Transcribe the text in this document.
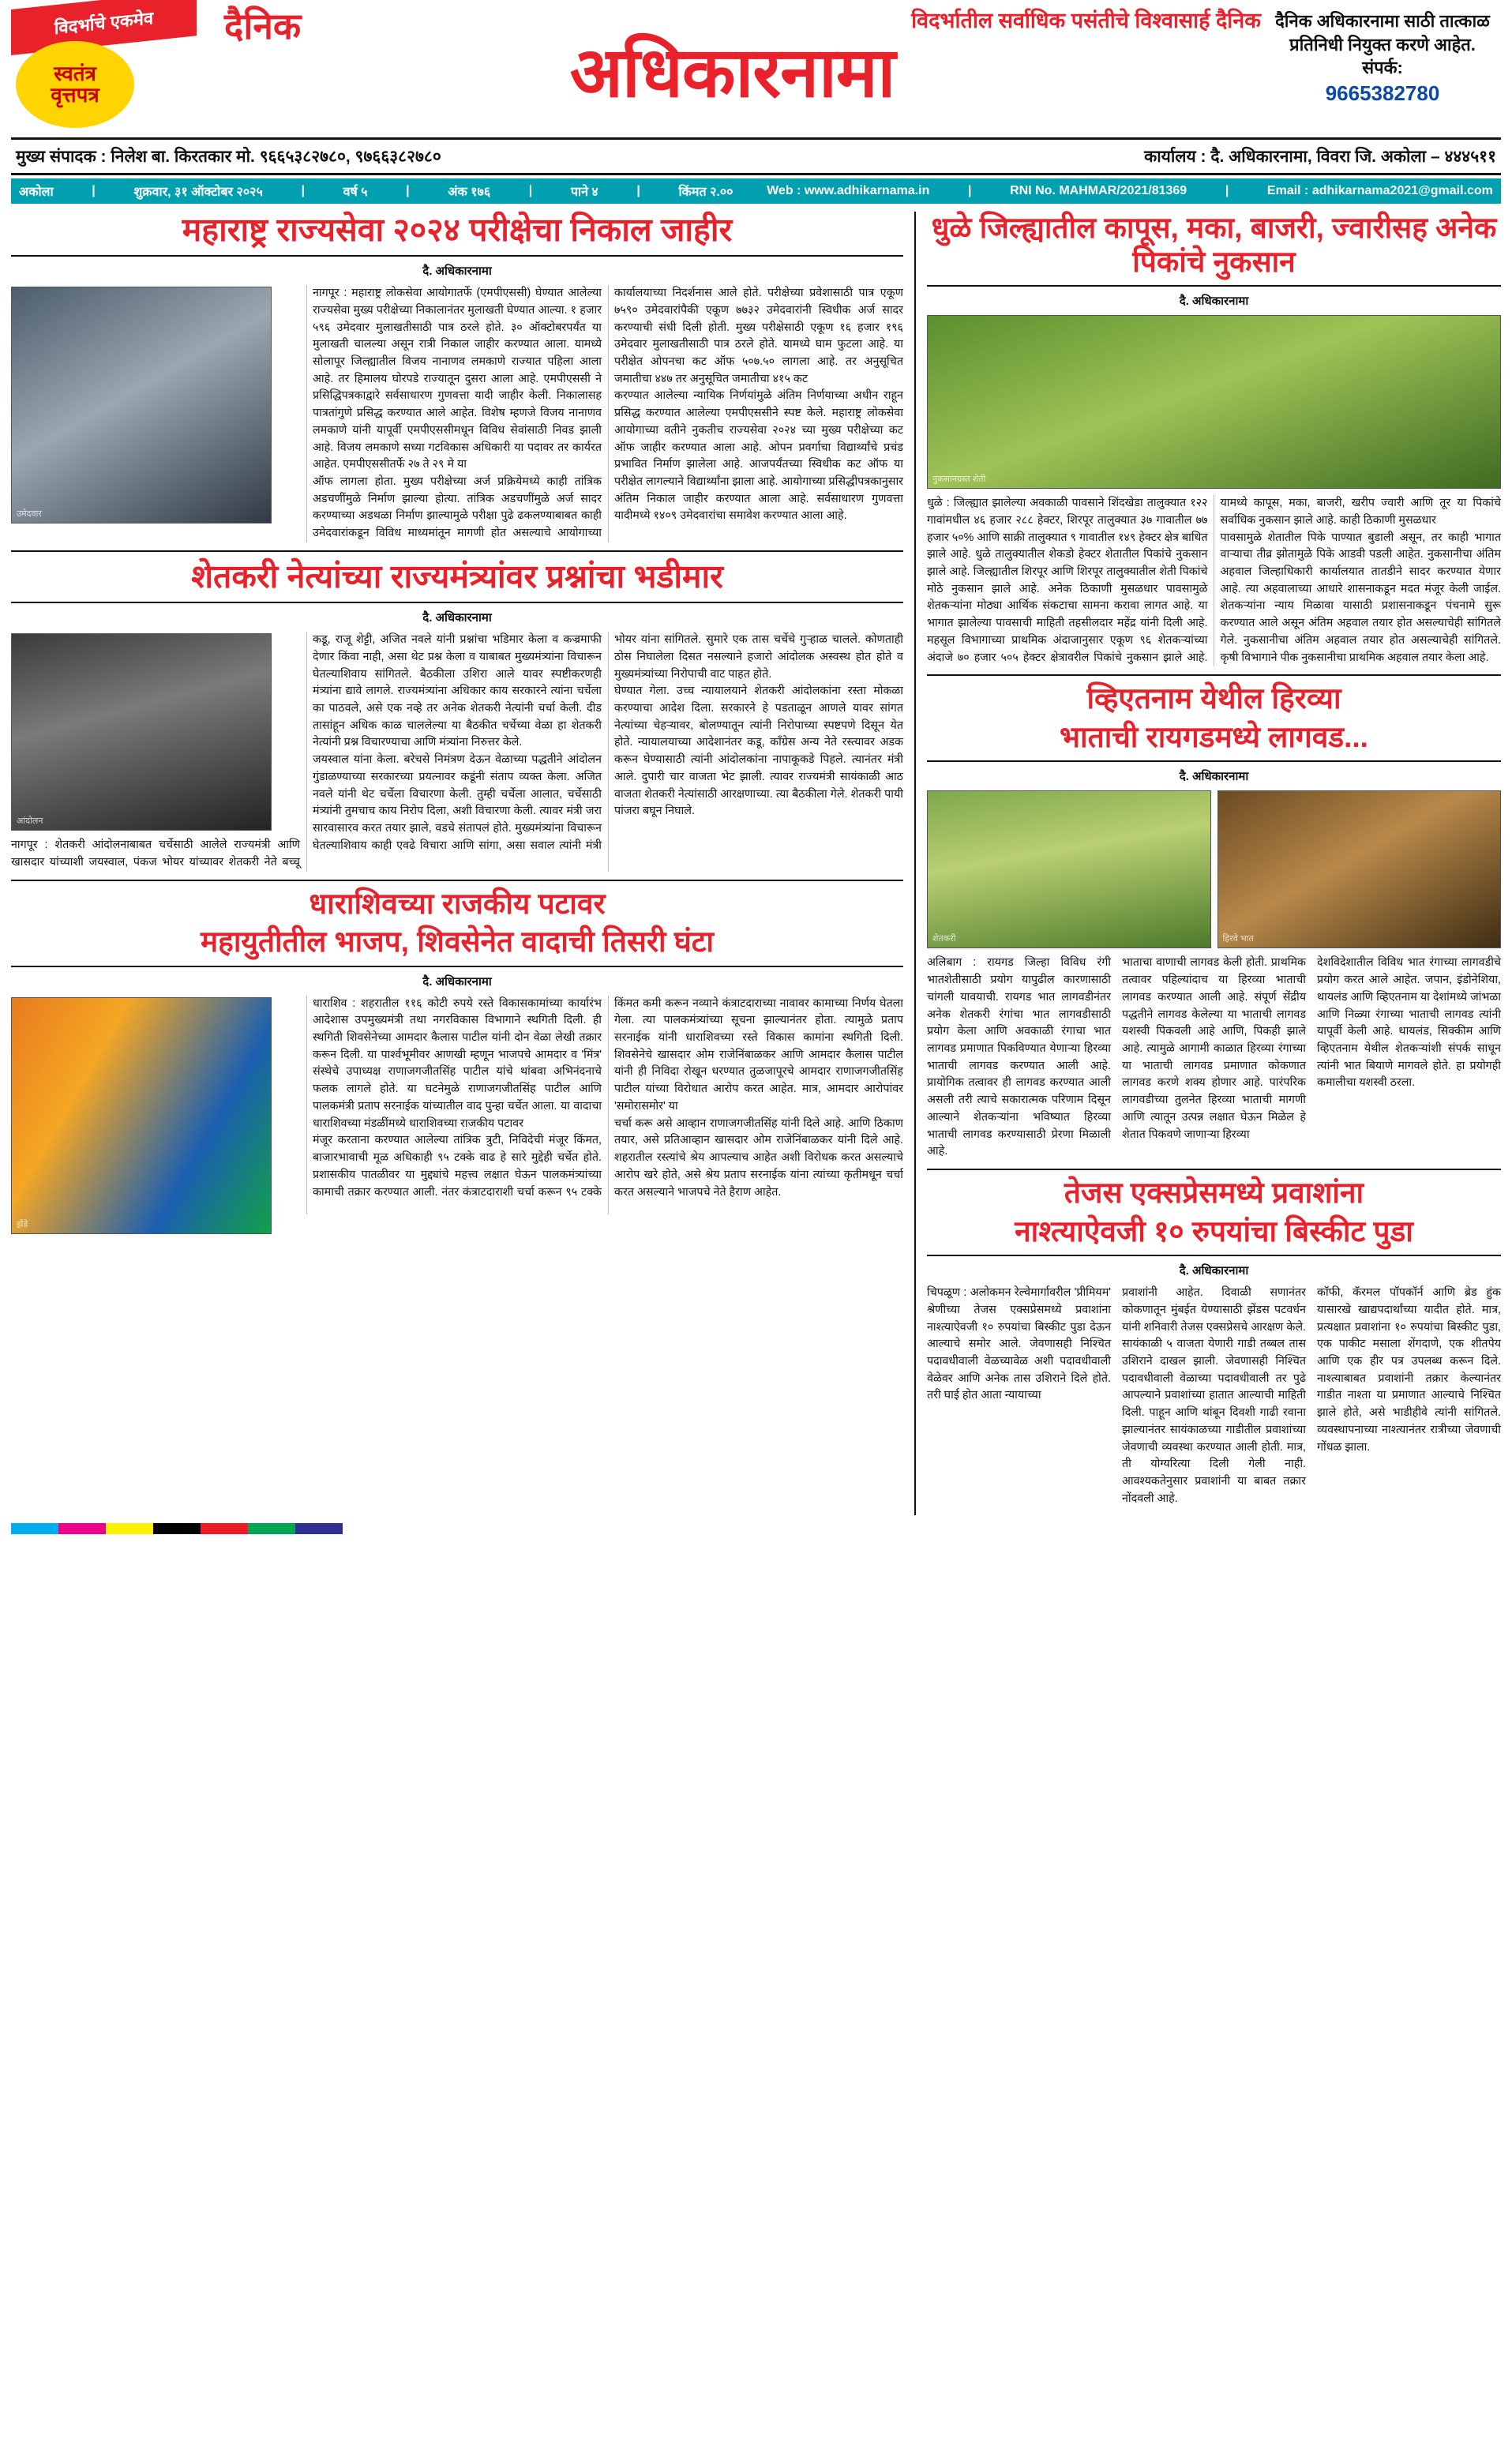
विदर्भाचे एकमेव
स्वतंत्र
वृत्तपत्र
दैनिक	विदर्भातील सर्वाधिक पसंतीचे विश्वासार्ह दैनिक
अधिकारनामा
दैनिक अधिकारनामा साठी तात्काळ प्रतिनिधी नियुक्त करणे आहेत.
संपर्क:
9665382780
मुख्य संपादक : निलेश बा. किरतकार मो. ९६६५३८२७८०, ९७६६३८२७८०	कार्यालय : दै. अधिकारनामा, विवरा जि. अकोला – ४४४५११
अकोला	|	शुक्रवार, ३१ ऑक्टोबर २०२५	|	वर्ष ५	|	अंक १७६	|	पाने ४	|	किंमत २.००	Web : www.adhikarnama.in	|	RNI No. MAHMAR/2021/81369	|	Email : adhikarnama2021@gmail.com
महाराष्ट्र राज्यसेवा २०२४ परीक्षेचा निकाल जाहीर
दै. अधिकारनामा
उमेदवार

नागपूर : महाराष्ट्र लोकसेवा आयोगातर्फे (एमपीएससी) घेण्यात आलेल्या राज्यसेवा मुख्य परीक्षेच्या निकालानंतर मुलाखती घेण्यात आल्या. १ हजार ५९६ उमेदवार मुलाखतीसाठी पात्र ठरले होते. ३० ऑक्टोबरपर्यंत या मुलाखती चालल्या असून रात्री निकाल जाहीर करण्यात आला. यामध्ये सोलापूर जिल्ह्यातील विजय नानाणव लमकाणे राज्यात पहिला आला आहे. तर हिमालय घोरपडे राज्यातून दुसरा आला आहे. एमपीएससी ने प्रसिद्धिपत्रकाद्वारे सर्वसाधारण गुणवत्ता यादी जाहीर केली. निकालासह पात्रतांगुणे प्रसिद्ध करण्यात आले आहेत. विशेष म्हणजे विजय नानाणव लमकाणे यांनी यापूर्वी एमपीएससीमधून विविध सेवांसाठी निवड झाली आहे. विजय लमकाणे सध्या गटविकास अधिकारी या पदावर तर कार्यरत आहेत. एमपीएससीतर्फे २७ ते २९ मे या

ऑफ लागला होता. मुख्य परीक्षेच्या अर्ज प्रक्रियेमध्ये काही तांत्रिक अडचणींमुळे निर्माण झाल्या होत्या. तांत्रिक अडचणींमुळे अर्ज सादर करण्याच्या अडथळा निर्माण झाल्यामुळे परीक्षा पुढे ढकलण्याबाबत काही उमेदवारांकडून विविध माध्यमांतून मागणी होत असल्याचे आयोगाच्या कार्यालयाच्या निदर्शनास आले होते. परीक्षेच्या प्रवेशासाठी पात्र एकूण ७५९० उमेदवारांपैकी एकूण ७७३२ उमेदवारांनी स्विधीक अर्ज सादर करण्याची संधी दिली होती. मुख्य परीक्षेसाठी एकूण १६ हजार १९६ उमेदवार मुलाखतीसाठी पात्र ठरले होते. यामध्ये घाम फुटला आहे. या परीक्षेत ओपनचा कट ऑफ ५०७.५० लागला आहे. तर अनुसूचित जमातीचा ४४७ तर अनुसूचित जमातीचा ४१५ कट

करण्यात आलेल्या न्यायिक निर्णयांमुळे अंतिम निर्णयाच्या अधीन राहून प्रसिद्ध करण्यात आलेल्या एमपीएससीने स्पष्ट केले. महाराष्ट्र लोकसेवा आयोगाच्या वतीने नुकतीच राज्यसेवा २०२४ च्या मुख्य परीक्षेच्या कट ऑफ जाहीर करण्यात आला आहे. ओपन प्रवर्गाचा विद्यार्थ्यांचे प्रचंड प्रभावित निर्माण झालेला आहे. आजपर्यंतच्या स्विधीक कट ऑफ या परीक्षेत लागल्याने विद्यार्थ्यांना झाला आहे. आयोगाच्या प्रसिद्धीपत्रकानुसार अंतिम निकाल जाहीर करण्यात आला आहे. सर्वसाधारण गुणवत्ता यादीमध्ये १४०९ उमेदवारांचा समावेश करण्यात आला आहे.

शेतकरी नेत्यांच्या राज्यमंत्र्यांवर प्रश्नांचा भडीमार
दै. अधिकारनामा
आंदोलन

नागपूर : शेतकरी आंदोलनाबाबत चर्चेसाठी आलेले राज्यमंत्री आणि खासदार यांच्याशी जयस्वाल, पंकज भोयर यांच्यावर शेतकरी नेते बच्चू कडू, राजू शेट्टी, अजित नवले यांनी प्रश्नांचा भडिमार केला व कज्रमाफी देणार किंवा नाही, असा थेट प्रश्न केला व याबाबत मुख्यमंत्र्यांना विचारून घेतल्याशिवाय सांगितले. बैठकीला उशिरा आले यावर स्पष्टीकरणही मंत्र्यांना द्यावे लागले. राज्यमंत्र्यांना अधिकार काय सरकारने त्यांना चर्चेला का पाठवले, असे एक नव्हे तर अनेक शेतकरी नेत्यांनी चर्चा केली. दीड तासांहून अधिक काळ चाललेल्या या बैठकीत चर्चेच्या वेळा हा शेतकरी नेत्यांनी प्रश्न विचारण्याचा आणि मंत्र्यांना निरुत्तर केले.

जयस्वाल यांना केला. बरेचसे निमंत्रण देऊन वेळाच्या पद्धतीने आंदोलन गुंडाळण्याच्या सरकारच्या प्रयत्नावर कडूंनी संताप व्यक्त केला. अजित नवले यांनी थेट चर्चेला विचारणा केली. तुम्ही चर्चेला आलात, चर्चेसाठी मंत्र्यांनी तुमचाच काय निरोप दिला, अशी विचारणा केली. त्यावर मंत्री जरा सारवासारव करत तयार झाले, वडचे संतापलं होते. मुख्यमंत्र्यांना विचारून घेतल्याशिवाय काही एवढे विचारा आणि सांगा, असा सवाल त्यांनी मंत्री भोयर यांना सांगितले. सुमारे एक तास चर्चेचे गुऱ्हाळ चालले. कोणताही ठोस निघालेला दिसत नसल्याने हजारो आंदोलक अस्वस्थ होत होते व मुख्यमंत्र्यांच्या निरोपाची वाट पाहत होते.

घेण्यात गेला. उच्च न्यायालयाने शेतकरी आंदोलकांना रस्ता मोकळा करण्याचा आदेश दिला. सरकारने हे पडताळून आणले यावर सांगत नेत्यांच्या चेहऱ्यावर, बोलण्यातून त्यांनी निरोपाच्या स्पष्टपणे दिसून येत होते. न्यायालयाच्या आदेशानंतर कडू, काँग्रेस अन्य नेते रस्त्यावर अडक करून घेण्यासाठी त्यांनी आंदोलकांना नापाकूकडे पिहले. त्यानंतर मंत्री आले. दुपारी चार वाजता भेट झाली. त्यावर राज्यमंत्री सायंकाळी आठ वाजता शेतकरी नेत्यांसाठी आरक्षणाच्या. त्या बैठकीला गेले. शेतकरी पायी पांजरा बघून निघाले.

धाराशिवच्या राजकीय पटावर
महायुतीतील भाजप, शिवसेनेत वादाची तिसरी घंटा
दै. अधिकारनामा
झेंडे

धाराशिव : शहरातील ११६ कोटी रुपये रस्ते विकासकामांच्या कार्यारंभ आदेशास उपमुख्यमंत्री तथा नगरविकास विभागाने स्थगिती दिली. ही स्थगिती शिवसेनेच्या आमदार कैलास पाटील यांनी दोन वेळा लेखी तक्रार करून दिली. या पार्श्वभूमीवर आणखी म्हणून भाजपचे आमदार व 'मिंत्र' संस्थेचे उपाध्यक्ष राणाजगजीतसिंह पाटील यांचे थांबवा अभिनंदनाचे फलक लागले होते. या घटनेमुळे राणाजगजीतसिंह पाटील आणि पालकमंत्री प्रताप सरनाईक यांच्यातील वाद पुन्हा चर्चेत आला. या वादाचा धाराशिवच्या मंडळींमध्ये धाराशिवच्या राजकीय पटावर

मंजूर करताना करण्यात आलेल्या तांत्रिक त्रुटी, निविदेची मंजूर किंमत, बाजारभावाची मूळ अधिकाही ९५ टक्के वाढ हे सारे मुद्देही चर्चेत होते. प्रशासकीय पातळीवर या मुद्द्यांचे महत्त्व लक्षात घेऊन पालकमंत्र्यांच्या कामाची तक्रार करण्यात आली. नंतर कंत्राटदाराशी चर्चा करून ९५ टक्के किंमत कमी करून नव्याने कंत्राटदाराच्या नावावर कामाच्या निर्णय घेतला गेला. त्या पालकमंत्र्यांच्या सूचना झाल्यानंतर होता. त्यामुळे प्रताप सरनाईक यांनी धाराशिवच्या रस्ते विकास कामांना स्थगिती दिली. शिवसेनेचे खासदार ओम राजेनिंबाळकर आणि आमदार कैलास पाटील यांनी ही निविदा रोखून धरण्यात तुळजापूरचे आमदार राणाजगजीतसिंह पाटील यांच्या विरोधात आरोप करत आहेत. मात्र, आमदार आरोपांवर 'समोरासमोर' या

चर्चा करू असे आव्हान राणाजगजीतसिंह यांनी दिले आहे. आणि ठिकाण तयार, असे प्रतिआव्हान खासदार ओम राजेनिंबाळकर यांनी दिले आहे. शहरातील रस्त्यांचे श्रेय आपल्याच आहेत अशी विरोधक करत असल्याचे आरोप खरे होते, असे श्रेय प्रताप सरनाईक यांना त्यांच्या कृतीमधून चर्चा करत असल्याने भाजपचे नेते हैराण आहेत.

धुळे जिल्ह्यातील कापूस, मका, बाजरी, ज्वारीसह अनेक पिकांचे नुकसान
दै. अधिकारनामा
नुकसानग्रस्त शेती

धुळे : जिल्ह्यात झालेल्या अवकाळी पावसाने शिंदखेडा तालुक्यात १२२ गावांमधील ४६ हजार २८८ हेक्टर, शिरपूर तालुक्यात ३७ गावातील ७७ हजार ५०% आणि साक्री तालुक्यात ९ गावातील १४९ हेक्टर क्षेत्र बाधित झाले आहे. धुळे तालुक्यातील शेकडो हेक्टर शेतातील पिकांचे नुकसान झाले आहे. जिल्ह्यातील शिरपूर आणि शिरपूर तालुक्यातील शेती पिकांचे मोठे नुकसान झाले आहे. अनेक ठिकाणी मुसळधार पावसामुळे शेतकऱ्यांना मोठ्या आर्थिक संकटाचा सामना करावा लागत आहे. या भागात झालेल्या पावसाची माहिती तहसीलदार महेंद्र यांनी दिली आहे. महसूल विभागाच्या प्राथमिक अंदाजानुसार एकूण ९६ शेतकऱ्यांच्या अंदाजे ७० हजार ५०५ हेक्टर क्षेत्रावरील पिकांचे नुकसान झाले आहे. यामध्ये कापूस, मका, बाजरी, खरीप ज्वारी आणि तूर या पिकांचे सर्वाधिक नुकसान झाले आहे. काही ठिकाणी मुसळधार

पावसामुळे शेतातील पिके पाण्यात बुडाली असून, तर काही भागात वाऱ्याचा तीव्र झोतामुळे पिके आडवी पडली आहेत. नुकसानीचा अंतिम अहवाल जिल्हाधिकारी कार्यालयात तातडीने सादर करण्यात येणार आहे. त्या अहवालाच्या आधारे शासनाकडून मदत मंजूर केली जाईल. शेतकऱ्यांना न्याय मिळावा यासाठी प्रशासनाकडून पंचनामे सुरू करण्यात आले असून अंतिम अहवाल तयार होत असल्याचेही सांगितले गेले. नुकसानीचा अंतिम अहवाल तयार होत असल्याचेही सांगितले. कृषी विभागाने पीक नुकसानीचा प्राथमिक अहवाल तयार केला आहे.

व्हिएतनाम येथील हिरव्या
भाताची रायगडमध्ये लागवड...
दै. अधिकारनामा
शेतकरी	हिरवे भात

अलिबाग : रायगड जिल्हा विविध रंगी भातशेतीसाठी प्रयोग यापुढील कारणासाठी चांगली यावयाची. रायगड भात लागवडीनंतर अनेक शेतकरी रंगांचा भात लागवडीसाठी प्रयोग केला आणि अवकाळी रंगाचा भात लागवड प्रमाणात पिकविण्यात येणाऱ्या हिरव्या भाताची लागवड करण्यात आली आहे. प्रायोगिक तत्वावर ही लागवड करण्यात आली असली तरी त्याचे सकारात्मक परिणाम दिसून आल्याने शेतकऱ्यांना भविष्यात हिरव्या भाताची लागवड करण्यासाठी प्रेरणा मिळाली आहे.

भाताचा वाणाची लागवड केली होती. प्राथमिक तत्वावर पहिल्यांदाच या हिरव्या भाताची लागवड करण्यात आली आहे. संपूर्ण सेंद्रीय पद्धतीने लागवड केलेल्या या भाताची लागवड यशस्वी पिकवली आहे आणि, पिकही झाले आहे. त्यामुळे आगामी काळात हिरव्या रंगाच्या या भाताची लागवड प्रमाणात कोकणात लागवड करणे शक्य होणार आहे. पारंपरिक लागवडीच्या तुलनेत हिरव्या भाताची मागणी आणि त्यातून उत्पन्न लक्षात घेऊन मिळेल हे शेतात पिकवणे जाणाऱ्या हिरव्या

देशविदेशातील विविध भात रंगाच्या लागवडीचे प्रयोग करत आले आहेत. जपान, इंडोनेशिया, थायलंड आणि व्हिएतनाम या देशांमध्ये जांभळा आणि निळ्या रंगाच्या भाताची लागवड त्यांनी यापूर्वी केली आहे. थायलंड, सिक्कीम आणि व्हिएतनाम येथील शेतकऱ्यांशी संपर्क साधून त्यांनी भात बियाणे मागवले होते. हा प्रयोगही कमालीचा यशस्वी ठरला.

तेजस एक्सप्रेसमध्ये प्रवाशांना
नाश्त्याऐवजी १० रुपयांचा बिस्कीट पुडा
दै. अधिकारनामा

चिपळूण : अलोकमन रेल्वेमार्गावरील 'प्रीमियम' श्रेणीच्या तेजस एक्सप्रेसमध्ये प्रवाशांना नाश्त्याऐवजी १० रुपयांचा बिस्कीट पुडा देऊन आल्याचे समोर आले. जेवणासही निश्चित पदावधीवाली वेळच्यावेळ अशी पदावधीवाली वेळेवर आणि अनेक तास उशिराने दिले होते. तरी घाई होत आता न्यायाच्या

प्रवाशांनी आहेत. दिवाळी सणानंतर कोकणातून मुंबईत येण्यासाठी झेंडस पटवर्धन यांनी शनिवारी तेजस एक्सप्रेसचे आरक्षण केले. सायंकाळी ५ वाजता येणारी गाडी तब्बल तास उशिराने दाखल झाली. जेवणासही निश्चित पदावधीवाली वेळाच्या पदावधीवाली तर पुढे आपल्याने प्रवाशांच्या हातात आल्याची माहिती दिली. पाहून आणि थांबून दिवशी गाढी रवाना झाल्यानंतर सायंकाळच्या गाडीतील प्रवाशांच्या जेवणाची व्यवस्था करण्यात आली होती. मात्र, ती योग्यरित्या दिली गेली नाही. आवश्यकतेनुसार प्रवाशांनी या बाबत तक्रार नोंदवली आहे.

कॉफी, कॅरमल पॉपकॉर्न आणि ब्रेड हुंक यासारखे खाद्यपदार्थांच्या यादीत होते. मात्र, प्रत्यक्षात प्रवाशांना १० रुपयांचा बिस्कीट पुडा, एक पाकीट मसाला शेंगदाणे, एक शीतपेय आणि एक हीर पत्र उपलब्ध करून दिले. नाश्त्याबाबत प्रवाशांनी तक्रार केल्यानंतर गाडीत नाश्ता या प्रमाणात आल्याचे निश्चित झाले होते, असे भाडीहीवे त्यांनी सांगितले. व्यवस्थापनाच्या नाश्त्यानंतर रात्रीच्या जेवणाची गोंधळ झाला.
